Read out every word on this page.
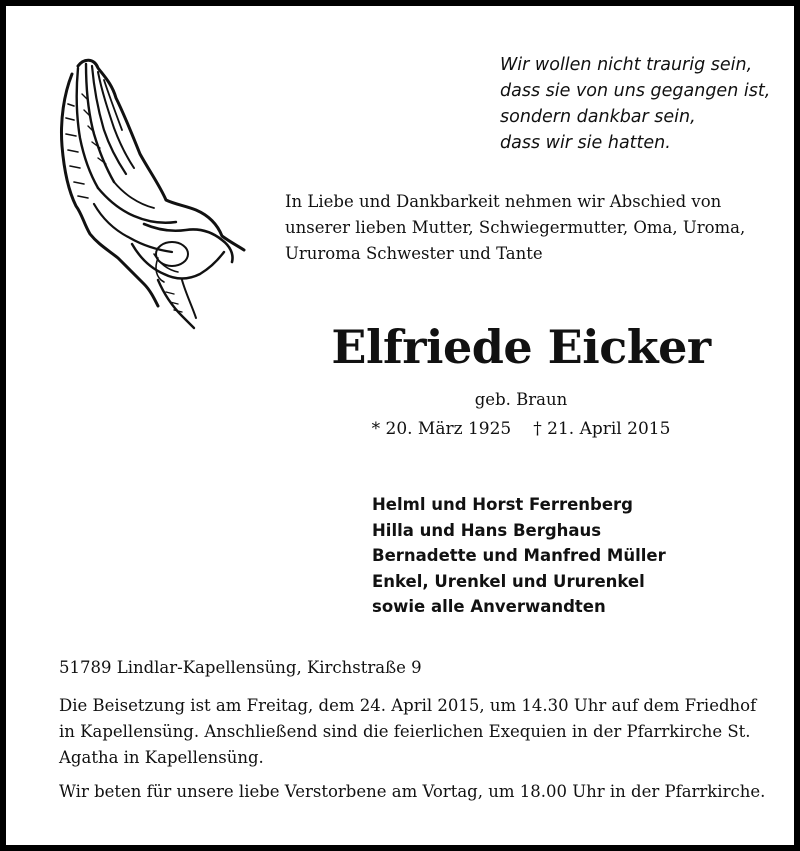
Wir wollen nicht traurig sein,
dass sie von uns gegangen ist,
sondern dankbar sein,
dass wir sie hatten.
In Liebe und Dankbarkeit nehmen wir Abschied von
unserer lieben Mutter, Schwiegermutter, Oma, Uroma,
Ururoma Schwester und Tante
Elfriede Eicker
geb. Braun
* 20. März 1925 † 21. April 2015
Helml und Horst Ferrenberg
Hilla und Hans Berghaus
Bernadette und Manfred Müller
Enkel, Urenkel und Ururenkel
sowie alle Anverwandten
51789 Lindlar-Kapellensüng, Kirchstraße 9
Die Beisetzung ist am Freitag, dem 24. April 2015, um 14.30 Uhr auf dem Friedhof
in Kapellensüng. Anschließend sind die feierlichen Exequien in der Pfarrkirche St.
Agatha in Kapellensüng.
Wir beten für unsere liebe Verstorbene am Vortag, um 18.00 Uhr in der Pfarrkirche.
